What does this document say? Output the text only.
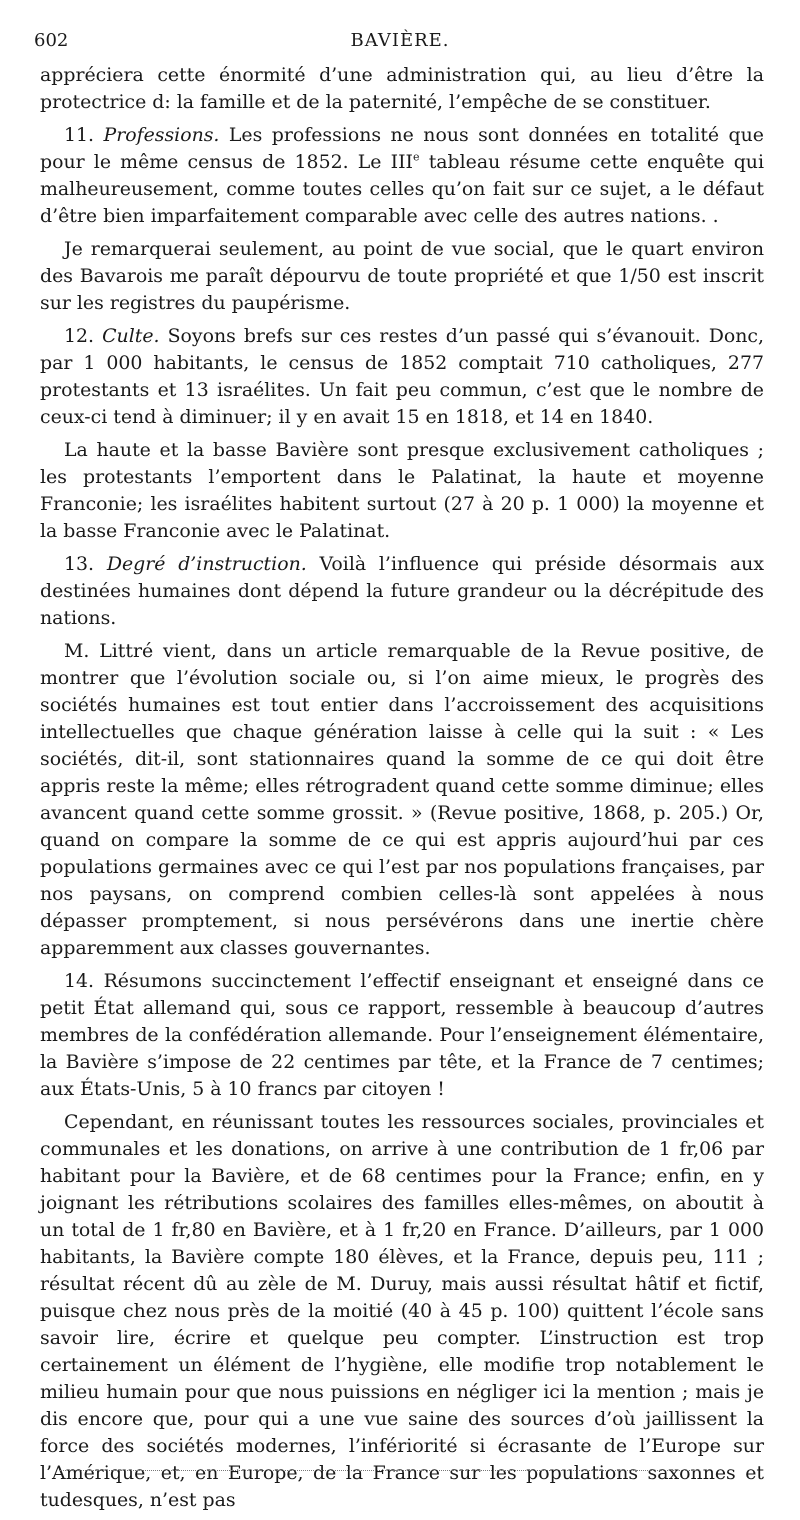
602	BAVIÈRE.

appréciera cette énormité d’une administration qui, au lieu d’être la protectrice d: la famille et de la paternité, l’empêche de se constituer.

11. Professions. Les professions ne nous sont données en totalité que pour le même census de 1852. Le IIIe tableau résume cette enquête qui malheureusement, comme toutes celles qu’on fait sur ce sujet, a le défaut d’être bien imparfaitement comparable avec celle des autres nations. .

Je remarquerai seulement, au point de vue social, que le quart environ des Bavarois me paraît dépourvu de toute propriété et que 1/50 est inscrit sur les registres du paupérisme.

12. Culte. Soyons brefs sur ces restes d’un passé qui s’évanouit. Donc, par 1 000 habitants, le census de 1852 comptait 710 catholiques, 277 protestants et 13 israélites. Un fait peu commun, c’est que le nombre de ceux-ci tend à diminuer; il y en avait 15 en 1818, et 14 en 1840.

La haute et la basse Bavière sont presque exclusivement catholiques ; les protestants l’emportent dans le Palatinat, la haute et moyenne Franconie; les israélites habitent surtout (27 à 20 p. 1 000) la moyenne et la basse Franconie avec le Palatinat.

13. Degré d’instruction. Voilà l’influence qui préside désormais aux destinées humaines dont dépend la future grandeur ou la décrépitude des nations.

M. Littré vient, dans un article remarquable de la Revue positive, de montrer que l’évolution sociale ou, si l’on aime mieux, le progrès des sociétés humaines est tout entier dans l’accroissement des acquisitions intellectuelles que chaque génération laisse à celle qui la suit : « Les sociétés, dit-il, sont stationnaires quand la somme de ce qui doit être appris reste la même; elles rétrogradent quand cette somme diminue; elles avancent quand cette somme grossit. » (Revue positive, 1868, p. 205.) Or, quand on compare la somme de ce qui est appris aujourd’hui par ces populations germaines avec ce qui l’est par nos populations françaises, par nos paysans, on comprend combien celles-là sont appelées à nous dépasser promptement, si nous persévérons dans une inertie chère apparemment aux classes gouvernantes.

14. Résumons succinctement l’effectif enseignant et enseigné dans ce petit État allemand qui, sous ce rapport, ressemble à beaucoup d’autres membres de la confédération allemande. Pour l’enseignement élémentaire, la Bavière s’impose de 22 centimes par tête, et la France de 7 centimes; aux États-Unis, 5 à 10 francs par citoyen !

Cependant, en réunissant toutes les ressources sociales, provinciales et communales et les donations, on arrive à une contribution de 1 fr,06 par habitant pour la Bavière, et de 68 centimes pour la France; enfin, en y joignant les rétributions scolaires des familles elles-mêmes, on aboutit à un total de 1 fr,80 en Bavière, et à 1 fr,20 en France. D’ailleurs, par 1 000 habitants, la Bavière compte 180 élèves, et la France, depuis peu, 111 ; résultat récent dû au zèle de M. Duruy, mais aussi résultat hâtif et fictif, puisque chez nous près de la moitié (40 à 45 p. 100) quittent l’école sans savoir lire, écrire et quelque peu compter. L’instruction est trop certainement un élément de l’hygiène, elle modifie trop notablement le milieu humain pour que nous puissions en négliger ici la mention ; mais je dis encore que, pour qui a une vue saine des sources d’où jaillissent la force des sociétés modernes, l’infériorité si écrasante de l’Europe sur l’Amérique, et, en Europe, de la France sur les populations saxonnes et tudesques, n’est pas
